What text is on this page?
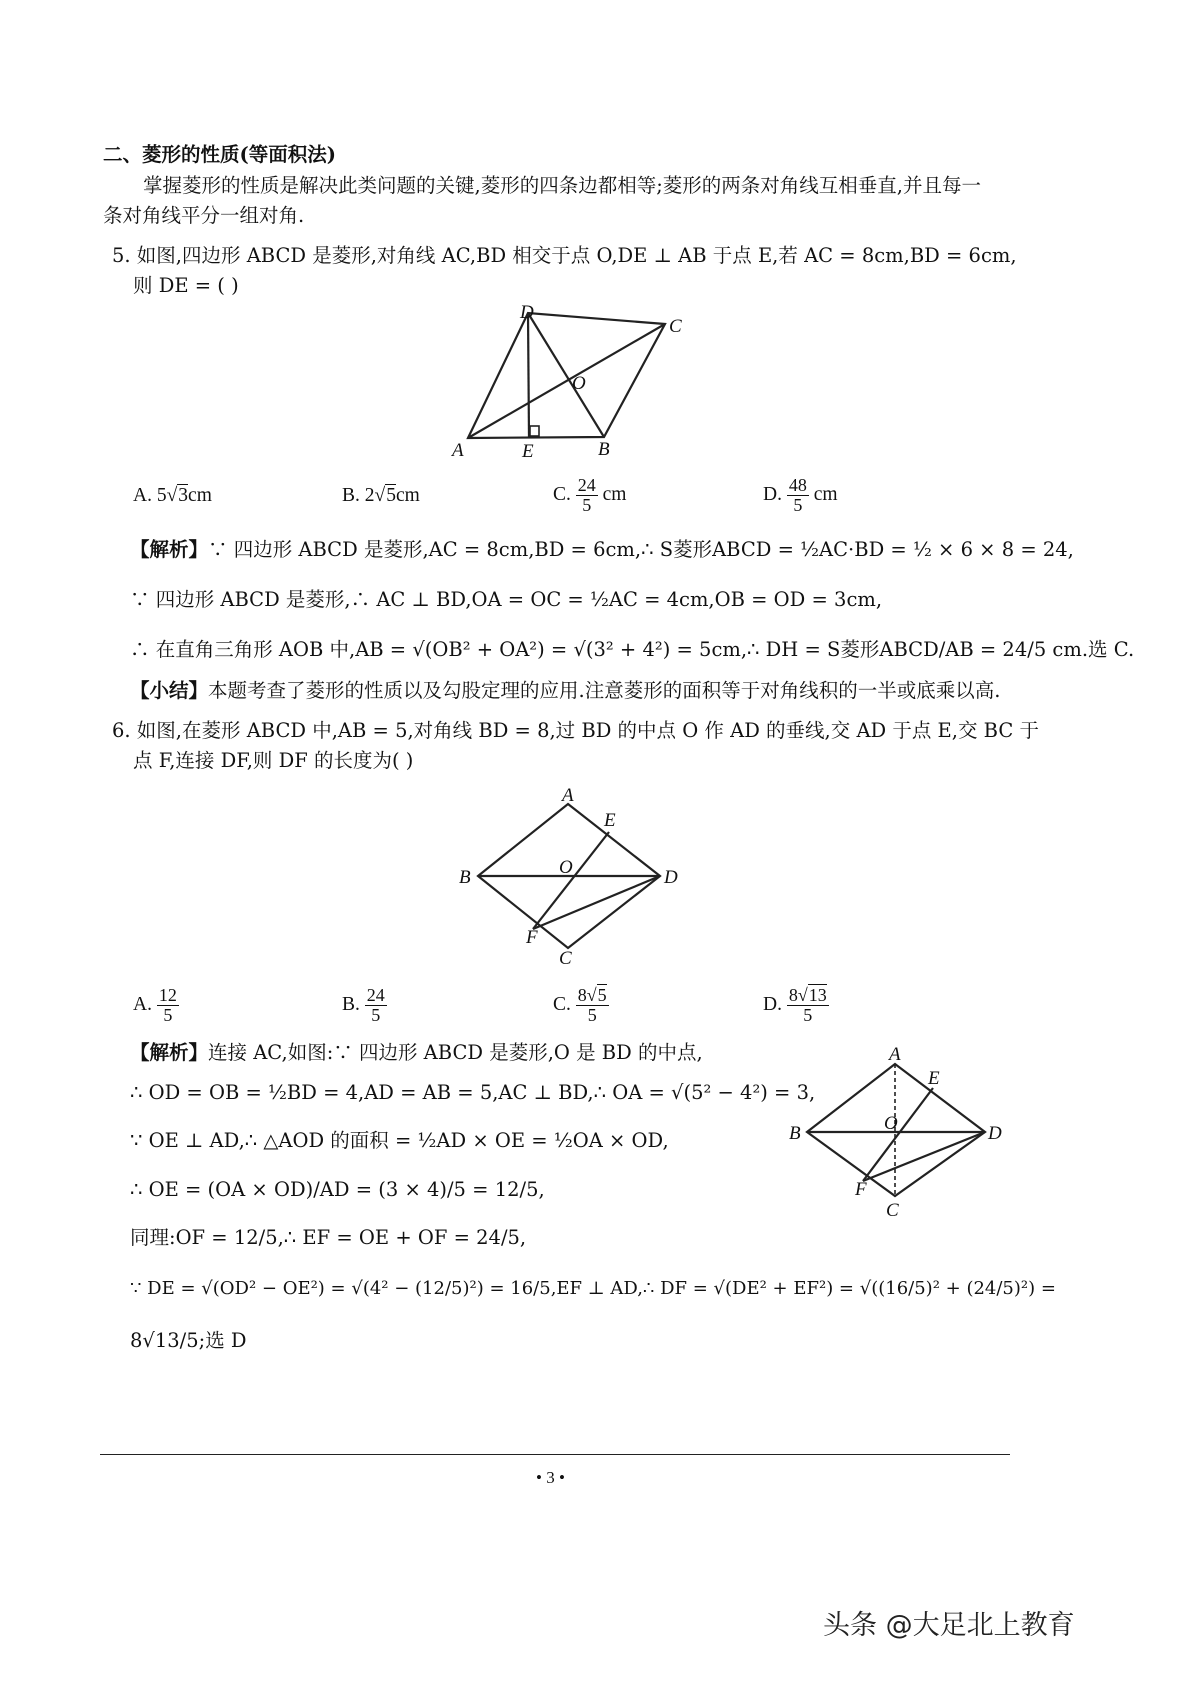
二、菱形的性质(等面积法)
掌握菱形的性质是解决此类问题的关键,菱形的四条边都相等;菱形的两条对角线互相垂直,并且每一
条对角线平分一组对角.
5. 如图,四边形 ABCD 是菱形,对角线 AC,BD 相交于点 O,DE ⊥ AB 于点 E,若 AC = 8cm,BD = 6cm,
则 DE = ( )
D
C
O
A	E	B
A. 5√3cm	B. 2√5cm	C. $\frac{24}{5}$ cm	D. $\frac{48}{5}$ cm
【解析】∵ 四边形 ABCD 是菱形,AC = 8cm,BD = 6cm,∴ S菱形ABCD = ½AC·BD = ½ × 6 × 8 = 24,
∵ 四边形 ABCD 是菱形,∴ AC ⊥ BD,OA = OC = ½AC = 4cm,OB = OD = 3cm,
∴ 在直角三角形 AOB 中,AB = √(OB² + OA²) = √(3² + 4²) = 5cm,∴ DH = S菱形ABCD/AB = 24/5 cm.选 C.
【小结】本题考查了菱形的性质以及勾股定理的应用.注意菱形的面积等于对角线积的一半或底乘以高.
6. 如图,在菱形 ABCD 中,AB = 5,对角线 BD = 8,过 BD 的中点 O 作 AD 的垂线,交 AD 于点 E,交 BC 于
点 F,连接 DF,则 DF 的长度为( )
A
E
O
B	D
F
C
A. $\frac{12}{5}$	B. $\frac{24}{5}$	C. $\frac{8√5}{5}$	D. $\frac{8√13}{5}$
【解析】连接 AC,如图:∵ 四边形 ABCD 是菱形,O 是 BD 的中点,
∴ OD = OB = ½BD = 4,AD = AB = 5,AC ⊥ BD,∴ OA = √(5² − 4²) = 3,
∵ OE ⊥ AD,∴ △AOD 的面积 = ½AD × OE = ½OA × OD,
∴ OE = (OA × OD)/AD = (3 × 4)/5 = 12/5,
同理:OF = 12/5,∴ EF = OE + OF = 24/5,
∵ DE = √(OD² − OE²) = √(4² − (12/5)²) = 16/5,EF ⊥ AD,∴ DF = √(DE² + EF²) = √((16/5)² + (24/5)²) =
8√13/5;选 D
A
E
O
B	D
F
C
• 3 •
头条 @大足北上教育
